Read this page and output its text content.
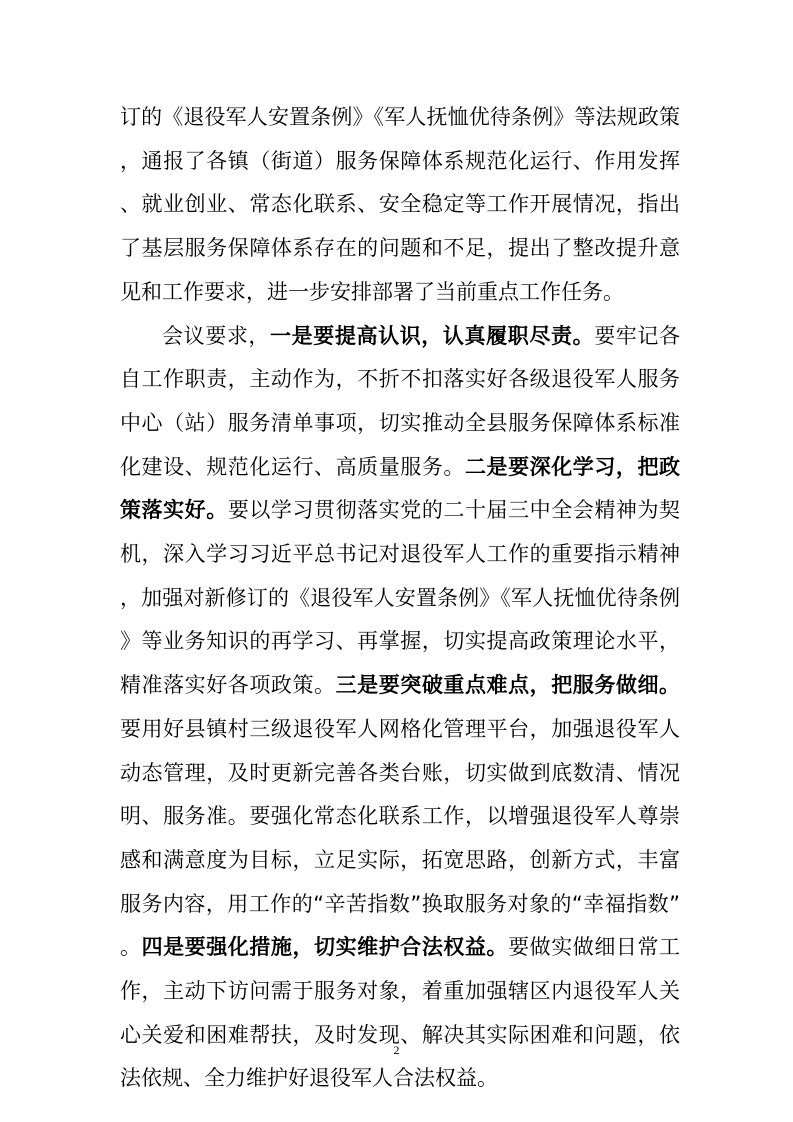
订的《退役军人安置条例》《军人抚恤优待条例》等法规政策，通报了各镇（街道）服务保障体系规范化运行、作用发挥、就业创业、常态化联系、安全稳定等工作开展情况，指出了基层服务保障体系存在的问题和不足，提出了整改提升意见和工作要求，进一步安排部署了当前重点工作任务。

会议要求，一是要提高认识，认真履职尽责。要牢记各自工作职责，主动作为，不折不扣落实好各级退役军人服务中心（站）服务清单事项，切实推动全县服务保障体系标准化建设、规范化运行、高质量服务。二是要深化学习，把政策落实好。要以学习贯彻落实党的二十届三中全会精神为契机，深入学习习近平总书记对退役军人工作的重要指示精神，加强对新修订的《退役军人安置条例》《军人抚恤优待条例》等业务知识的再学习、再掌握，切实提高政策理论水平，精准落实好各项政策。三是要突破重点难点，把服务做细。要用好县镇村三级退役军人网格化管理平台，加强退役军人动态管理，及时更新完善各类台账，切实做到底数清、情况明、服务准。要强化常态化联系工作，以增强退役军人尊崇感和满意度为目标，立足实际，拓宽思路，创新方式，丰富服务内容，用工作的“辛苦指数”换取服务对象的“幸福指数”。四是要强化措施，切实维护合法权益。要做实做细日常工作，主动下访问需于服务对象，着重加强辖区内退役军人关心关爱和困难帮扶，及时发现、解决其实际困难和问题，依法依规、全力维护好退役军人合法权益。

2
